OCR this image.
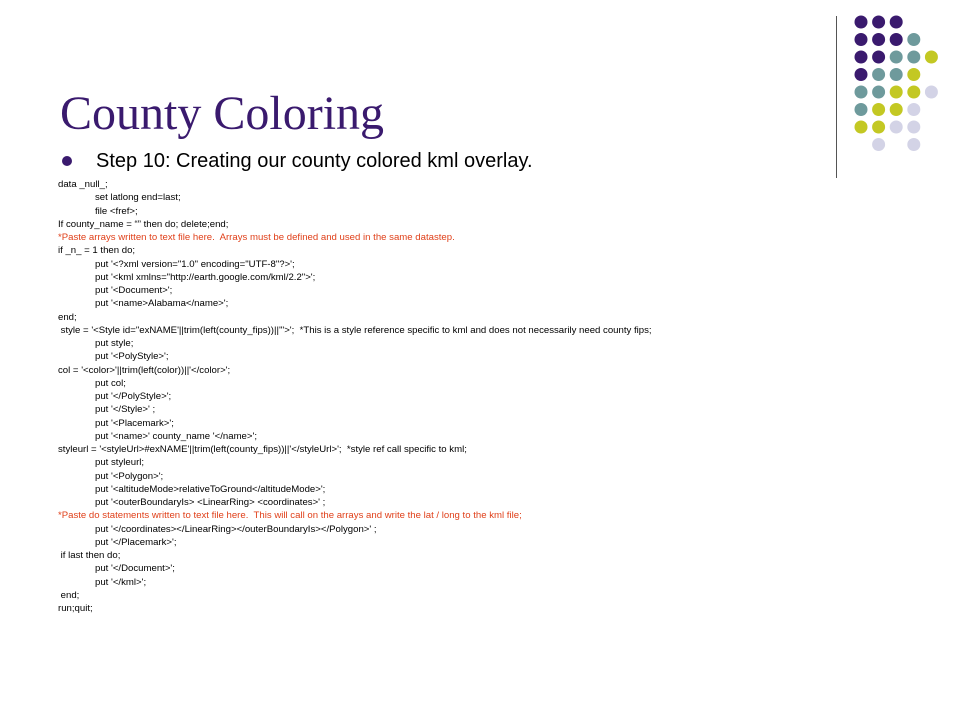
County Coloring
Step 10: Creating our county colored kml overlay.
data _null_;
set latlong end=last;
file <fref>;
If county_name = “” then do; delete;end;
*Paste arrays written to text file here.  Arrays must be defined and used in the same datastep.
if _n_ = 1 then do;
put '<?xml version="1.0" encoding="UTF-8"?>';
put '<kml xmlns="http://earth.google.com/kml/2.2">';
put '<Document>';
put '<name>Alabama</name>';
end;
style = '<Style id="exNAME'||trim(left(county_fips))||'">';  *This is a style reference specific to kml and does not necessarily need county fips;
put style;
put '<PolyStyle>';
col = '<color>'||trim(left(color))||'</color>';
put col;
put '</PolyStyle>';
put '</Style>' ;
put '<Placemark>';
put '<name>' county_name '</name>';
styleurl = '<styleUrl>#exNAME'||trim(left(county_fips))||'</styleUrl>';  *style ref call specific to kml;
put styleurl;
put '<Polygon>';
put '<altitudeMode>relativeToGround</altitudeMode>';
put '<outerBoundaryIs> <LinearRing> <coordinates>' ;
*Paste do statements written to text file here.  This will call on the arrays and write the lat / long to the kml file;
put '</coordinates></LinearRing></outerBoundaryIs></Polygon>' ;
put '</Placemark>';
if last then do;
put '</Document>';
put '</kml>';
end;
run;quit;
